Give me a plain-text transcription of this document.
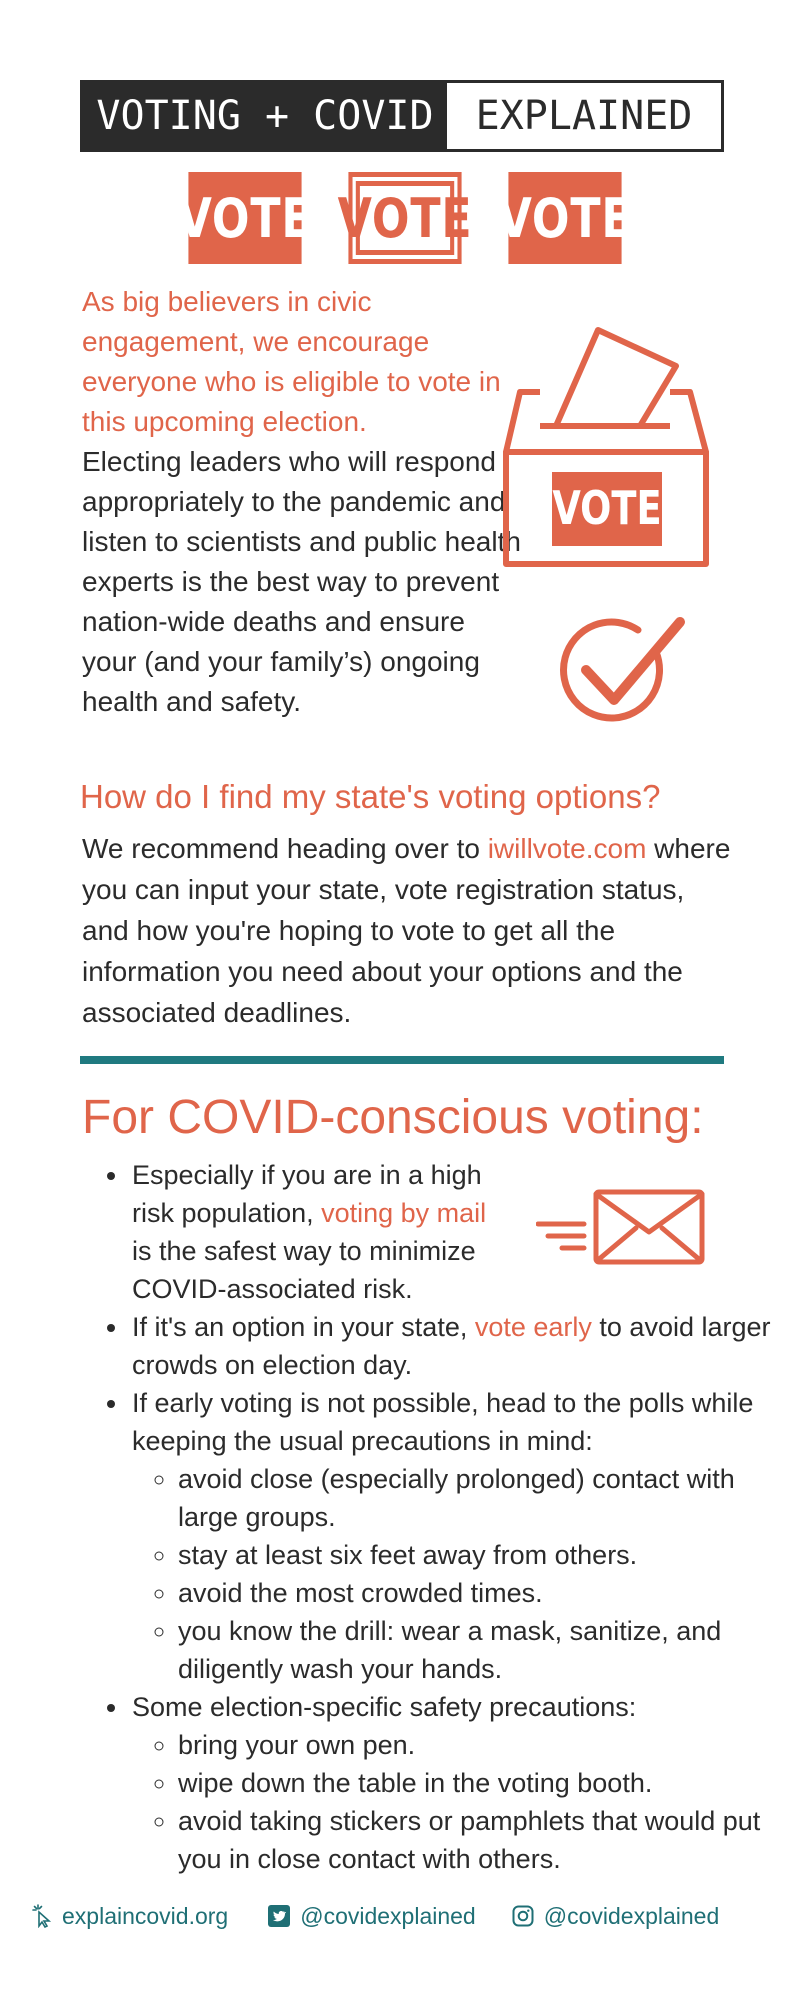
VOTING + COVID	EXPLAINED
VOTE VOTE VOTE
As big believers in civic engagement, we encourage everyone who is eligible to vote in this upcoming election.
Electing leaders who will respond appropriately to the pandemic and listen to scientists and public health experts is the best way to prevent nation-wide deaths and ensure your (and your family’s) ongoing health and safety.
VOTE
How do I find my state's voting options?
We recommend heading over to iwillvote.com where you can input your state, vote registration status, and how you're hoping to vote to get all the information you need about your options and the associated deadlines.
For COVID-conscious voting:
• Especially if you are in a high risk population, voting by mail is the safest way to minimize COVID-associated risk.
• If it's an option in your state, vote early to avoid larger crowds on election day.
• If early voting is not possible, head to the polls while keeping the usual precautions in mind:
◦ avoid close (especially prolonged) contact with large groups.
◦ stay at least six feet away from others.
◦ avoid the most crowded times.
◦ you know the drill: wear a mask, sanitize, and diligently wash your hands.
• Some election-specific safety precautions:
◦ bring your own pen.
◦ wipe down the table in the voting booth.
◦ avoid taking stickers or pamphlets that would put you in close contact with others.
explaincovid.org	@covidexplained	@covidexplained
